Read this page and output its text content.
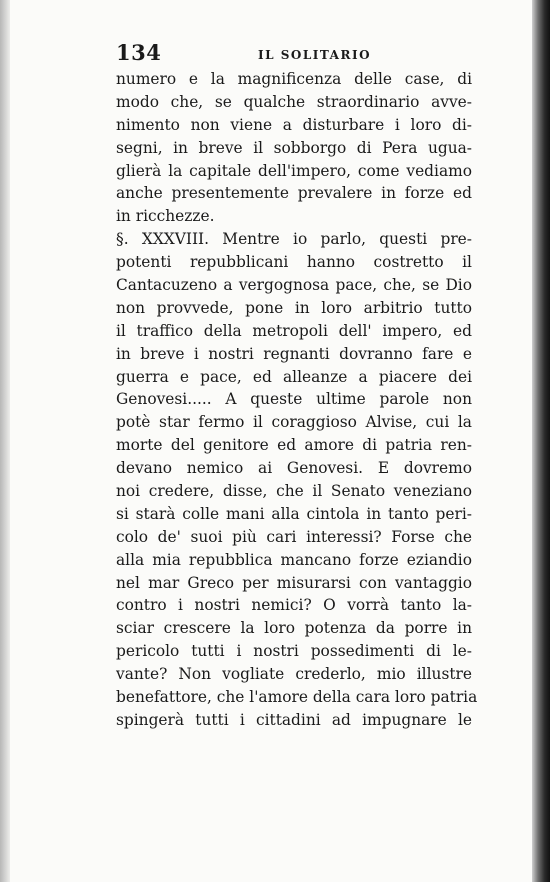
134	IL SOLITARIO
numero e la magnificenza delle case, di
modo che, se qualche straordinario avve-
nimento non viene a disturbare i loro di-
segni, in breve il sobborgo di Pera ugua-
glierà la capitale dell'impero, come vediamo
anche presentemente prevalere in forze ed
in ricchezze.
§. XXXVIII. Mentre io parlo, questi pre-
potenti repubblicani hanno costretto il
Cantacuzeno a vergognosa pace, che, se Dio
non provvede, pone in loro arbitrio tutto
il traffico della metropoli dell' impero, ed
in breve i nostri regnanti dovranno fare e
guerra e pace, ed alleanze a piacere dei
Genovesi..... A queste ultime parole non
potè star fermo il coraggioso Alvise, cui la
morte del genitore ed amore di patria ren-
devano nemico ai Genovesi. E dovremo
noi credere, disse, che il Senato veneziano
si starà colle mani alla cintola in tanto peri-
colo de' suoi più cari interessi? Forse che
alla mia repubblica mancano forze eziandio
nel mar Greco per misurarsi con vantaggio
contro i nostri nemici? O vorrà tanto la-
sciar crescere la loro potenza da porre in
pericolo tutti i nostri possedimenti di le-
vante? Non vogliate crederlo, mio illustre
benefattore, che l'amore della cara loro patria
spingerà tutti i cittadini ad impugnare le
